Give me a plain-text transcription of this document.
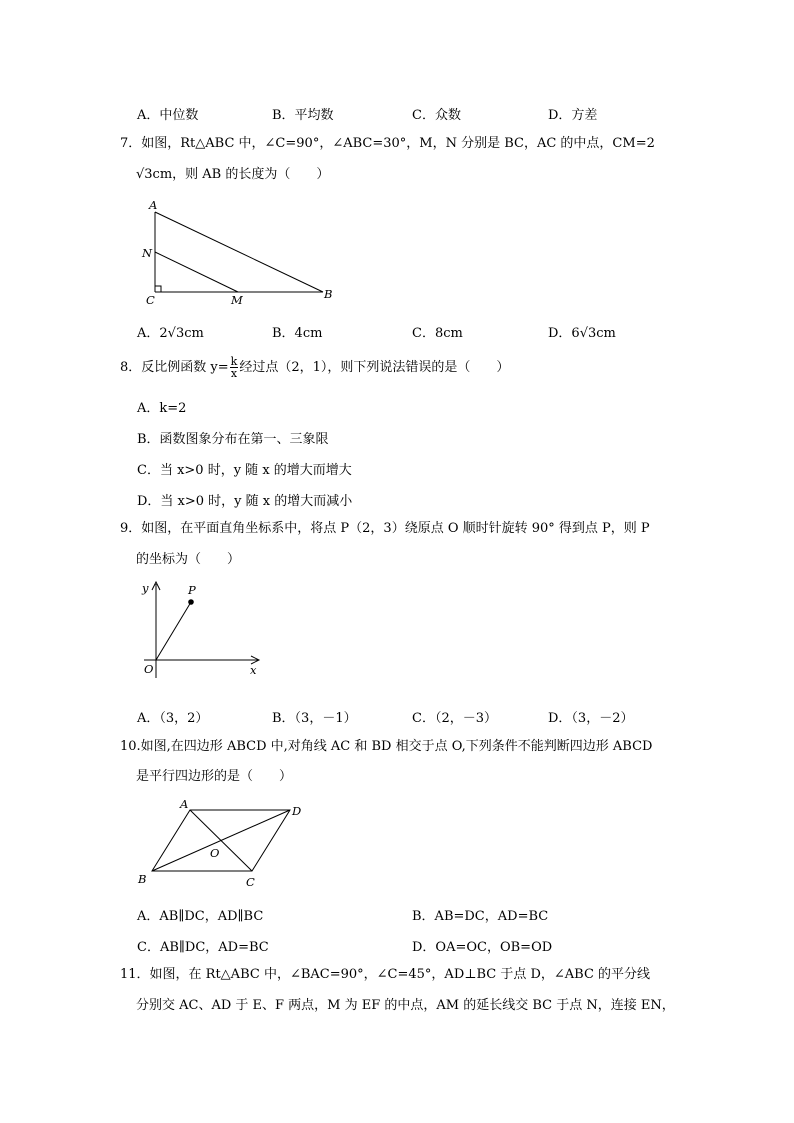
A．中位数	B．平均数	C．众数	D．方差
7．如图，Rt△ABC 中，∠C=90°，∠ABC=30°，M，N 分别是 BC，AC 的中点，CM=2
√3cm，则 AB 的长度为（　　）
A
N
C	M	B
A．2√3cm	B．4cm	C．8cm	D．6√3cm
8．反比例函数 $y= \frac{k}{x}$ 经过点（2，1），则下列说法错误的是（　　）
A．k=2
B．函数图象分布在第一、三象限
C．当 x>0 时，y 随 x 的增大而增大
D．当 x>0 时，y 随 x 的增大而减小
9．如图，在平面直角坐标系中，将点 P（2，3）绕原点 O 顺时针旋转 90° 得到点 P，则 P
的坐标为（　　）
y	P
O	x
A．（3，2）	B．（3，－1）	C．（2，－3）	D．（3，－2）
10.如图,在四边形 ABCD 中,对角线 AC 和 BD 相交于点 O,下列条件不能判断四边形 ABCD
是平行四边形的是（　　）
A	D
O
B	C
A．AB∥DC，AD∥BC	B．AB=DC，AD=BC
C．AB∥DC，AD=BC	D．OA=OC，OB=OD
11．如图，在 Rt△ABC 中，∠BAC=90°，∠C=45°，AD⊥BC 于点 D，∠ABC 的平分线
分别交 AC、AD 于 E、F 两点，M 为 EF 的中点，AM 的延长线交 BC 于点 N，连接 EN，
